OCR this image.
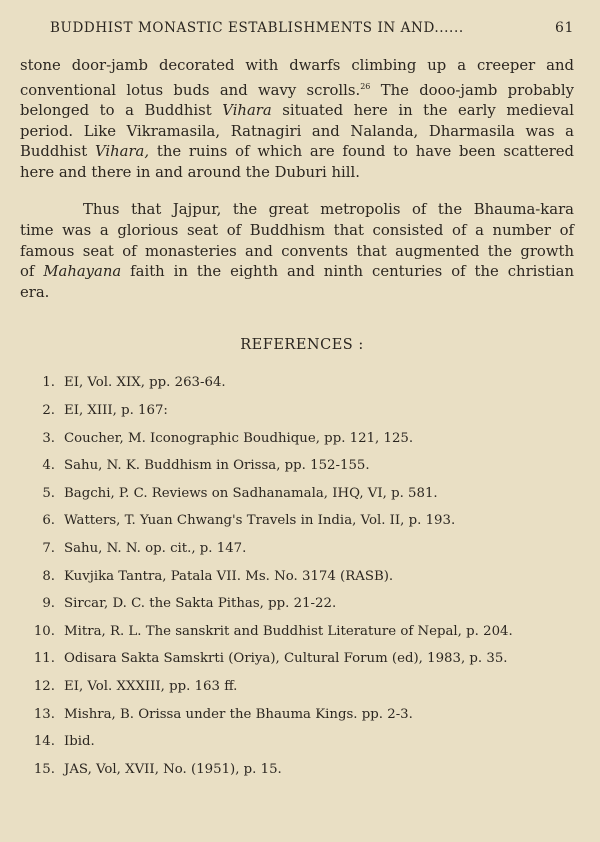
BUDDHIST MONASTIC ESTABLISHMENTS IN AND......	61

stone door-jamb decorated with dwarfs climbing up a creeper and
conventional lotus buds and wavy scrolls.$^{26}$ The dooo-jamb probably
belonged to a Buddhist Vihara situated here in the early medieval
period. Like Vikramasila, Ratnagiri and Nalanda, Dharmasila was a
Buddhist Vihara, the ruins of which are found to have been scattered
here and there in and around the Duburi hill.

Thus that Jajpur, the great metropolis of the Bhauma-kara
time was a glorious seat of Buddhism that consisted of a number of
famous seat of monasteries and convents that augmented the growth
of Mahayana faith in the eighth and ninth centuries of the christian
era.

REFERENCES :
1. EI, Vol. XIX, pp. 263-64.
2. EI, XIII, p. 167:
3. Coucher, M. Iconographic Boudhique, pp. 121, 125.
4. Sahu, N. K. Buddhism in Orissa, pp. 152-155.
5. Bagchi, P. C. Reviews on Sadhanamala, IHQ, VI, p. 581.
6. Watters, T. Yuan Chwang's Travels in India, Vol. II, p. 193.
7. Sahu, N. N. op. cit., p. 147.
8. Kuvjika Tantra, Patala VII. Ms. No. 3174 (RASB).
9. Sircar, D. C. the Sakta Pithas, pp. 21-22.
10. Mitra, R. L. The sanskrit and Buddhist Literature of Nepal, p. 204.
11. Odisara Sakta Samskrti (Oriya), Cultural Forum (ed), 1983, p. 35.
12. EI, Vol. XXXIII, pp. 163 ff.
13. Mishra, B. Orissa under the Bhauma Kings. pp. 2-3.
14. Ibid.
15. JAS, Vol, XVII, No. (1951), p. 15.
